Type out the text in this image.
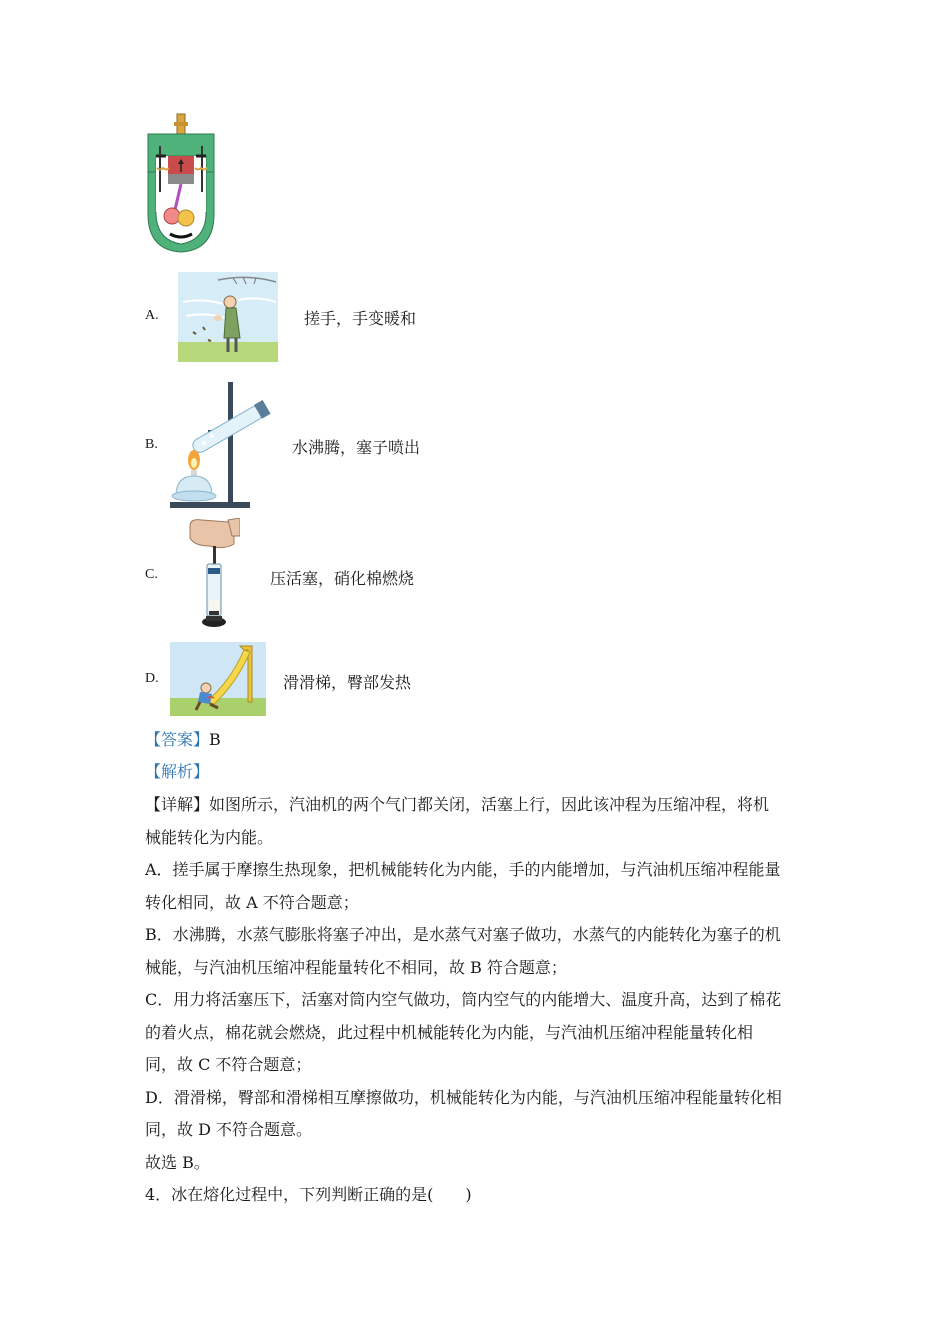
A.	搓手，手变暖和
B.	水沸腾，塞子喷出
C.	压活塞，硝化棉燃烧
D.	滑滑梯，臀部发热
【答案】B
【解析】
【详解】如图所示，汽油机的两个气门都关闭，活塞上行，因此该冲程为压缩冲程，将机
械能转化为内能。
A．搓手属于摩擦生热现象，把机械能转化为内能，手的内能增加，与汽油机压缩冲程能量
转化相同，故 A 不符合题意；
B．水沸腾，水蒸气膨胀将塞子冲出，是水蒸气对塞子做功，水蒸气的内能转化为塞子的机
械能，与汽油机压缩冲程能量转化不相同，故 B 符合题意；
C．用力将活塞压下，活塞对筒内空气做功，筒内空气的内能增大、温度升高，达到了棉花
的着火点，棉花就会燃烧，此过程中机械能转化为内能，与汽油机压缩冲程能量转化相
同，故 C 不符合题意；
D．滑滑梯，臀部和滑梯相互摩擦做功，机械能转化为内能，与汽油机压缩冲程能量转化相
同，故 D 不符合题意。
故选 B。
4．冰在熔化过程中，下列判断正确的是(　　)
